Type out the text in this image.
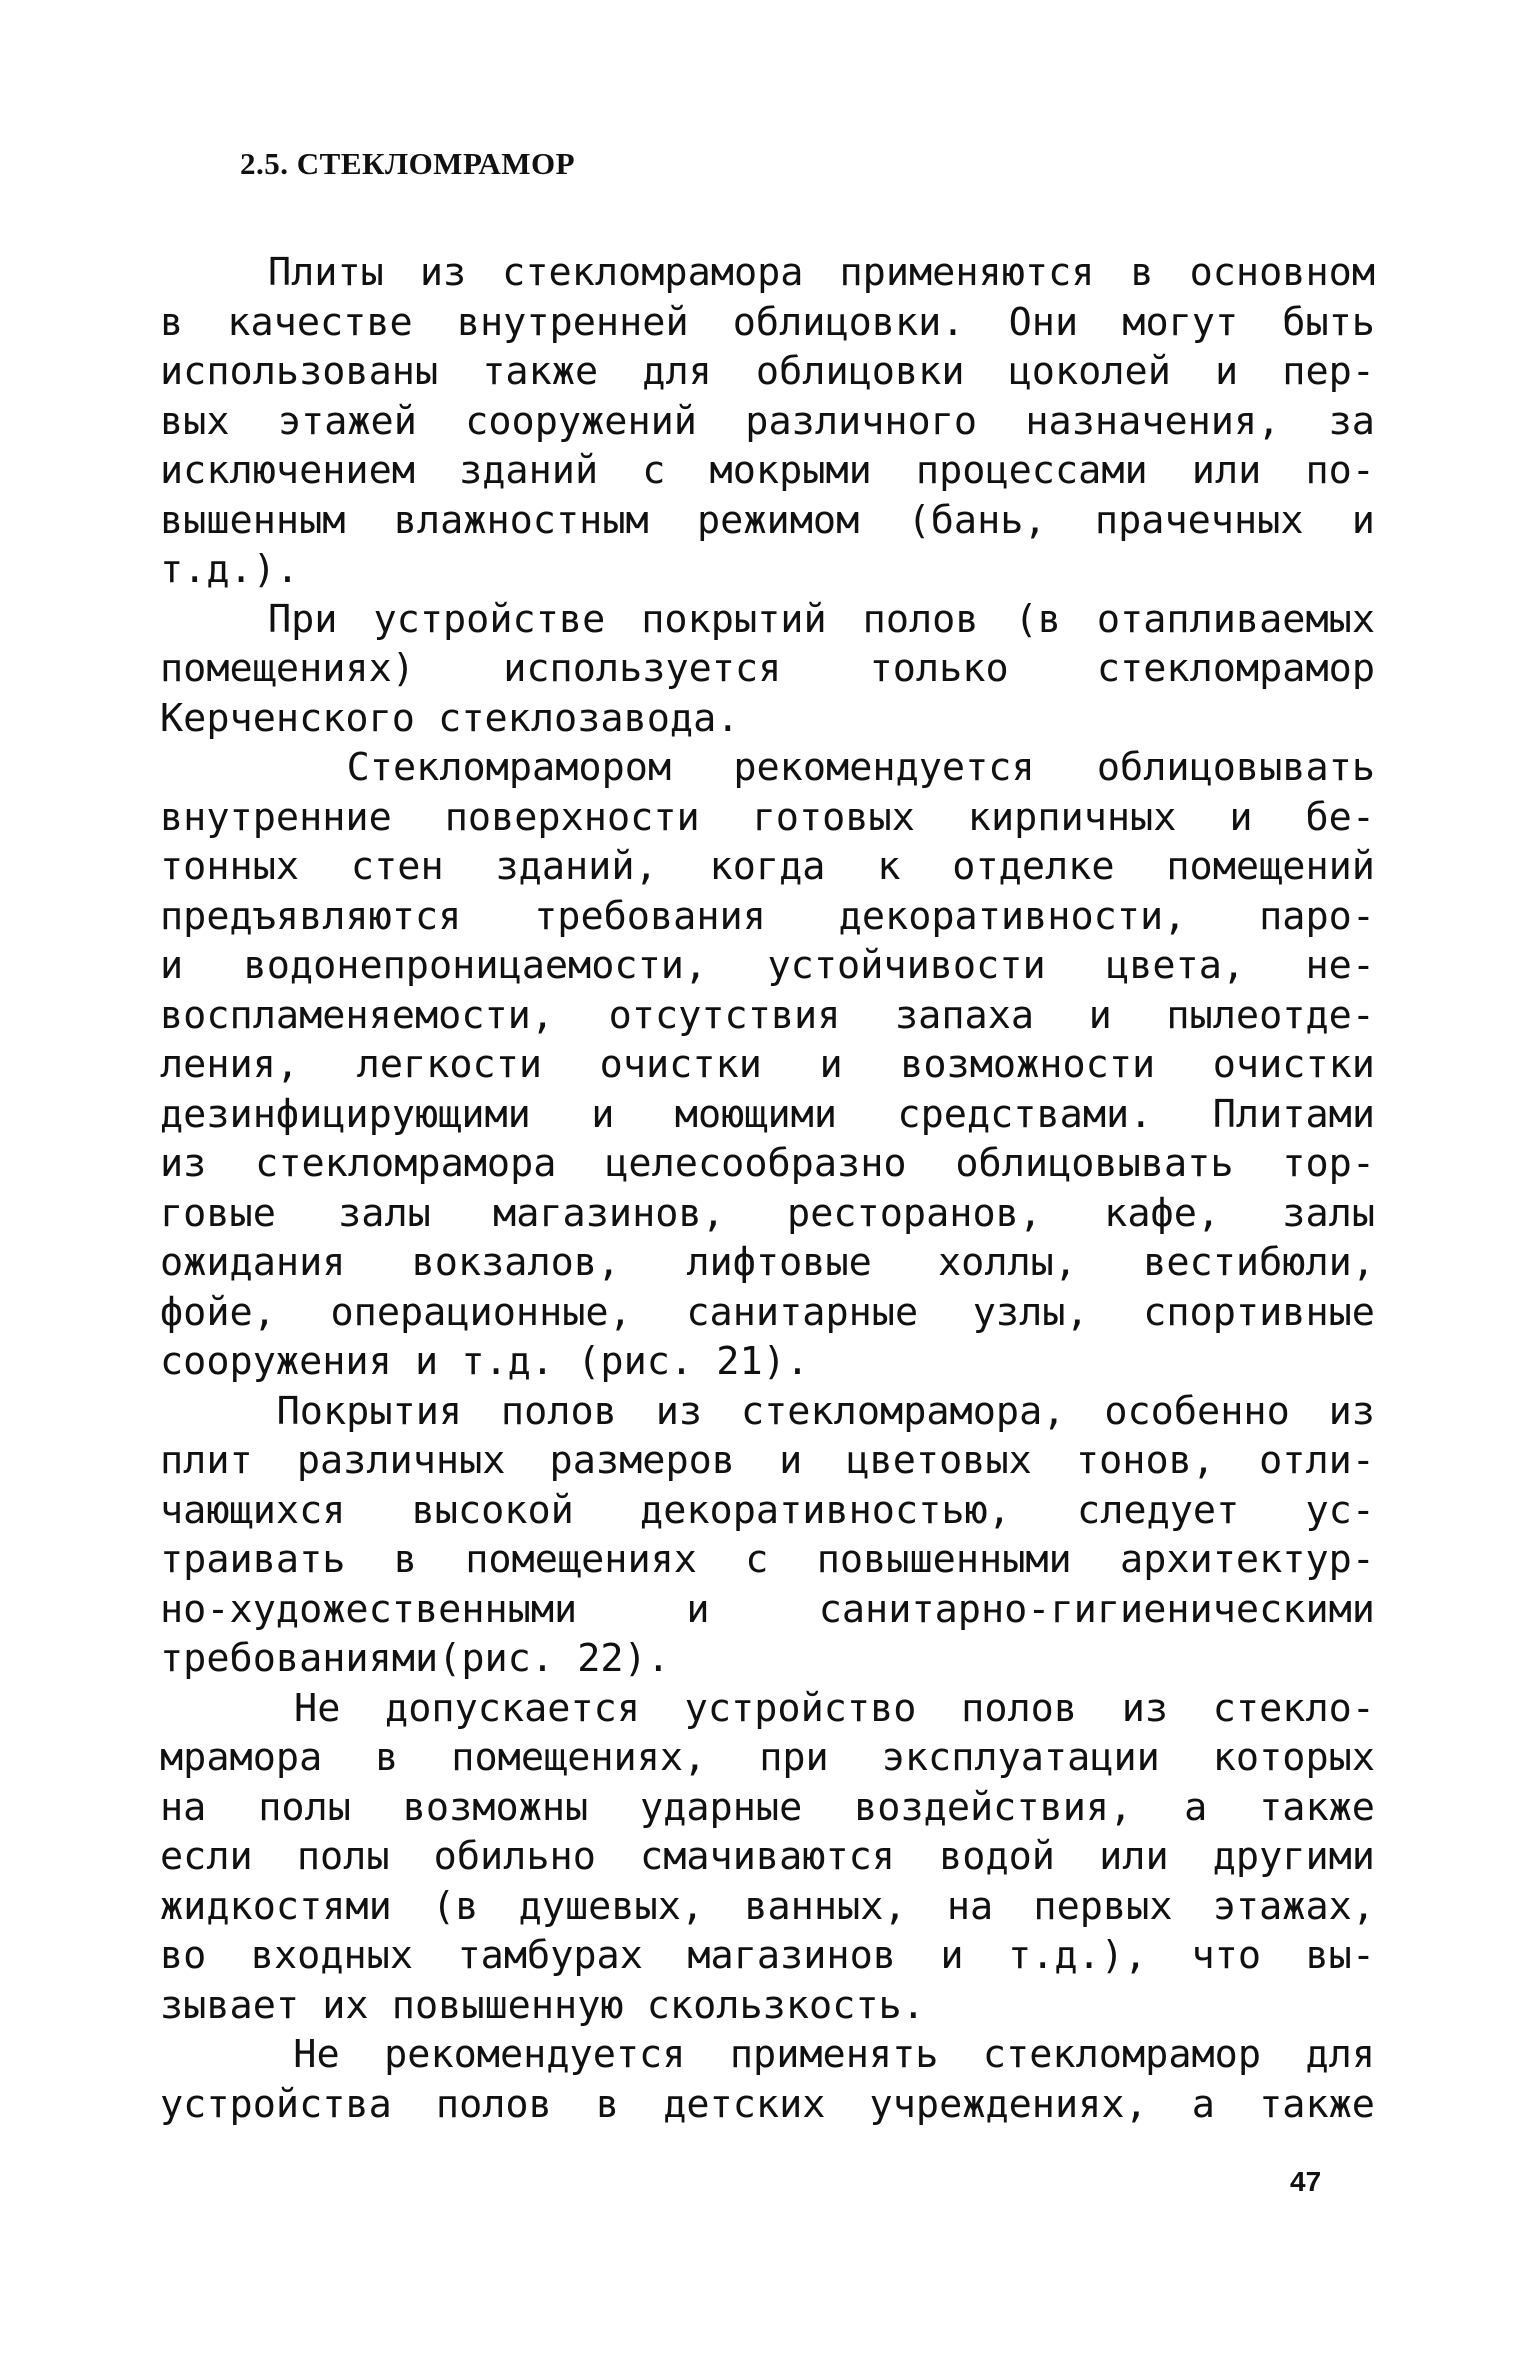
2.5. СТЕКЛОМРАМОР
Плиты из стекломрамора применяются в основном
в качестве внутренней облицовки. Они могут быть
использованы также для облицовки цоколей и пер-
вых этажей сооружений различного назначения, за
исключением зданий с мокрыми процессами или по-
вышенным влажностным режимом (бань, прачечных и
т.д.).
При устройстве покрытий полов (в отапливаемых
помещениях) используется только стекломрамор
Керченского стеклозавода.
Стекломрамором рекомендуется облицовывать
внутренние поверхности готовых кирпичных и бе-
тонных стен зданий, когда к отделке помещений
предъявляются требования декоративности, паро-
и водонепроницаемости, устойчивости цвета, не-
воспламеняемости, отсутствия запаха и пылеотде-
ления, легкости очистки и возможности очистки
дезинфицирующими и моющими средствами. Плитами
из стекломрамора целесообразно облицовывать тор-
говые залы магазинов, ресторанов, кафе, залы
ожидания вокзалов, лифтовые холлы, вестибюли,
фойе, операционные, санитарные узлы, спортивные
сооружения и т.д. (рис. 21).
Покрытия полов из стекломрамора, особенно из
плит различных размеров и цветовых тонов, отли-
чающихся высокой декоративностью, следует ус-
траивать в помещениях с повышенными архитектур-
но-художественными и санитарно-гигиеническими
требованиями(рис. 22).
Не допускается устройство полов из стекло-
мрамора в помещениях, при эксплуатации которых
на полы возможны ударные воздействия, а также
если полы обильно смачиваются водой или другими
жидкостями (в душевых, ванных, на первых этажах,
во входных тамбурах магазинов и т.д.), что вы-
зывает их повышенную скользкость.
Не рекомендуется применять стекломрамор для
устройства полов в детских учреждениях, а также
47
